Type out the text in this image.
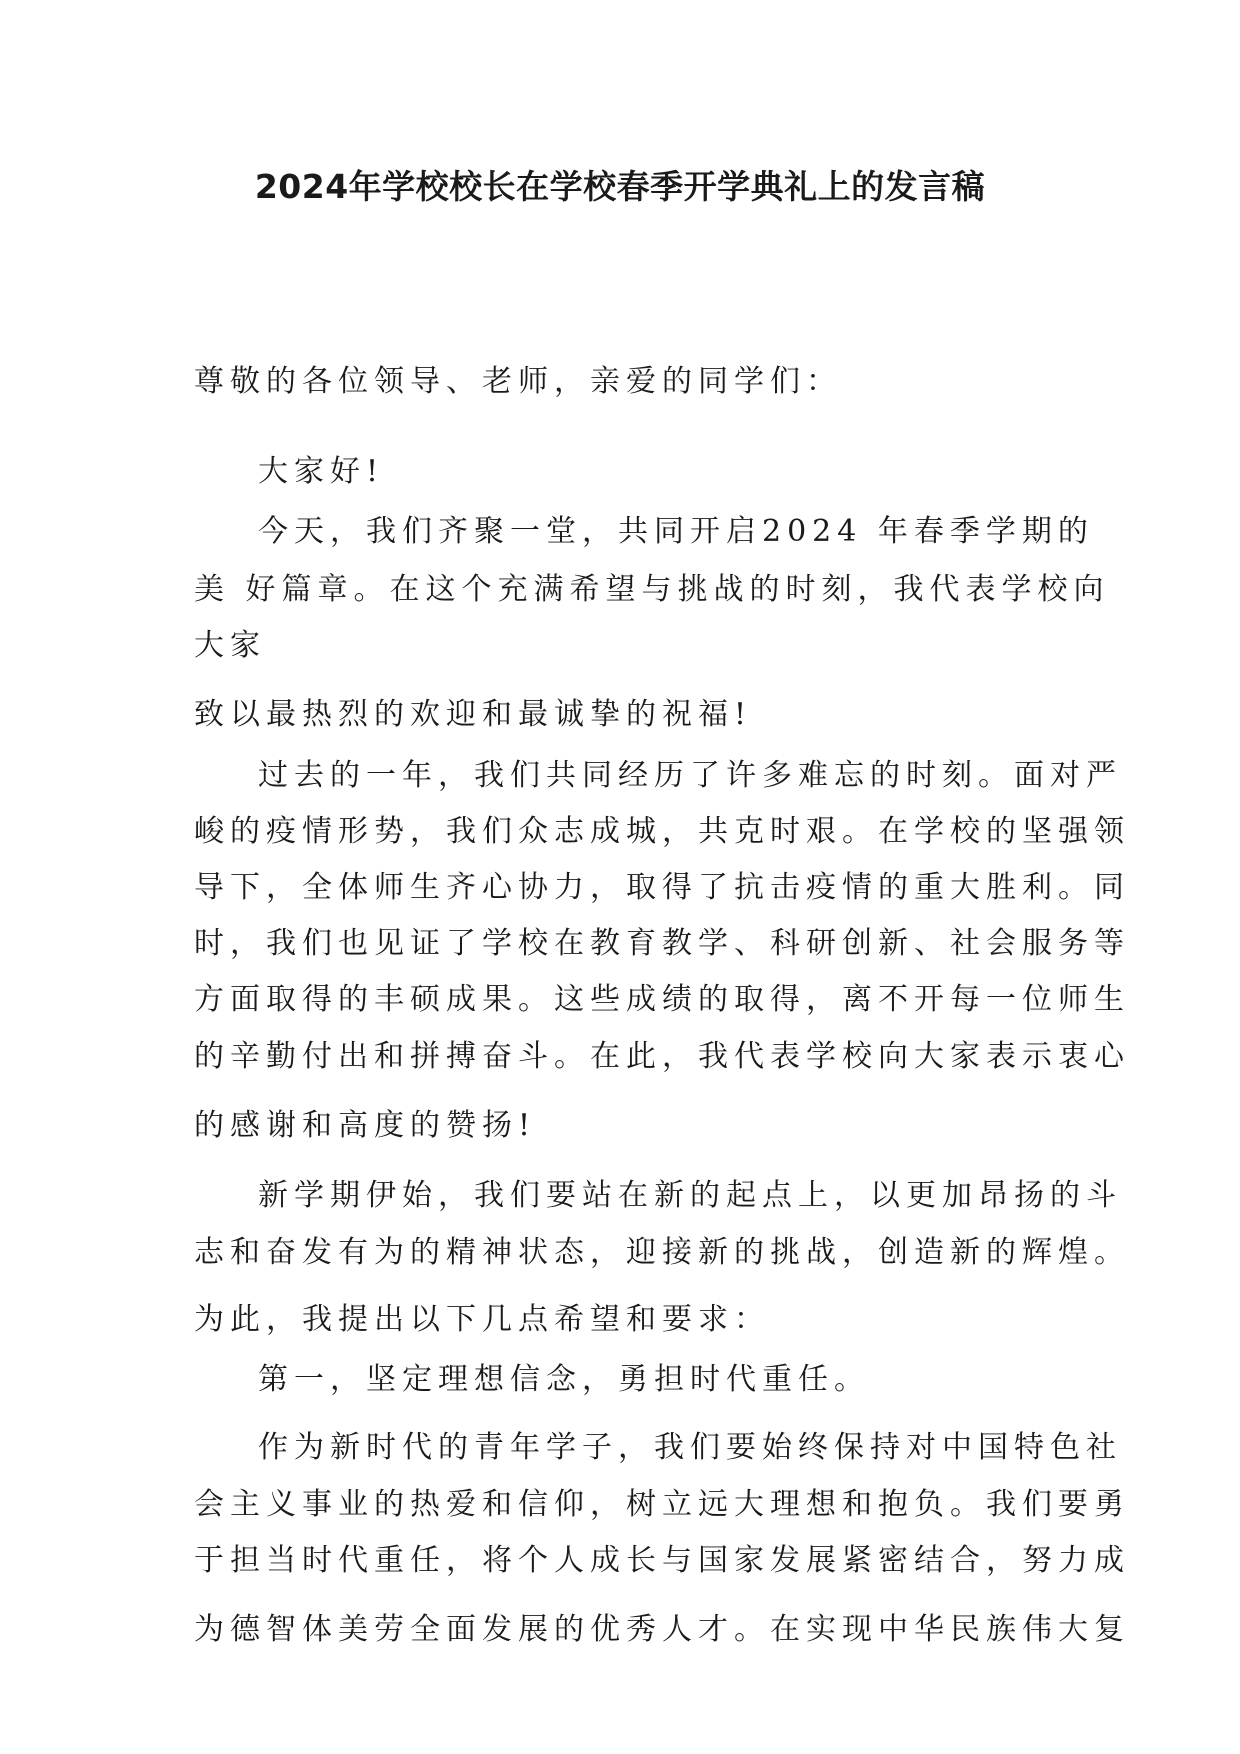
2024年学校校长在学校春季开学典礼上的发言稿

尊敬的各位领导、老师，亲爱的同学们：

大家好!

今天，我们齐聚一堂，共同开启2024 年春季学期的

美 好篇章。在这个充满希望与挑战的时刻，我代表学校向

大家

致以最热烈的欢迎和最诚挚的祝福!

过去的一年，我们共同经历了许多难忘的时刻。面对严

峻的疫情形势，我们众志成城，共克时艰。在学校的坚强领

导下，全体师生齐心协力，取得了抗击疫情的重大胜利。同

时，我们也见证了学校在教育教学、科研创新、社会服务等

方面取得的丰硕成果。这些成绩的取得，离不开每一位师生

的辛勤付出和拼搏奋斗。在此，我代表学校向大家表示衷心

的感谢和高度的赞扬!

新学期伊始，我们要站在新的起点上，以更加昂扬的斗

志和奋发有为的精神状态，迎接新的挑战，创造新的辉煌。

为此，我提出以下几点希望和要求：

第一，坚定理想信念，勇担时代重任。

作为新时代的青年学子，我们要始终保持对中国特色社

会主义事业的热爱和信仰，树立远大理想和抱负。我们要勇

于担当时代重任，将个人成长与国家发展紧密结合，努力成

为德智体美劳全面发展的优秀人才。在实现中华民族伟大复
